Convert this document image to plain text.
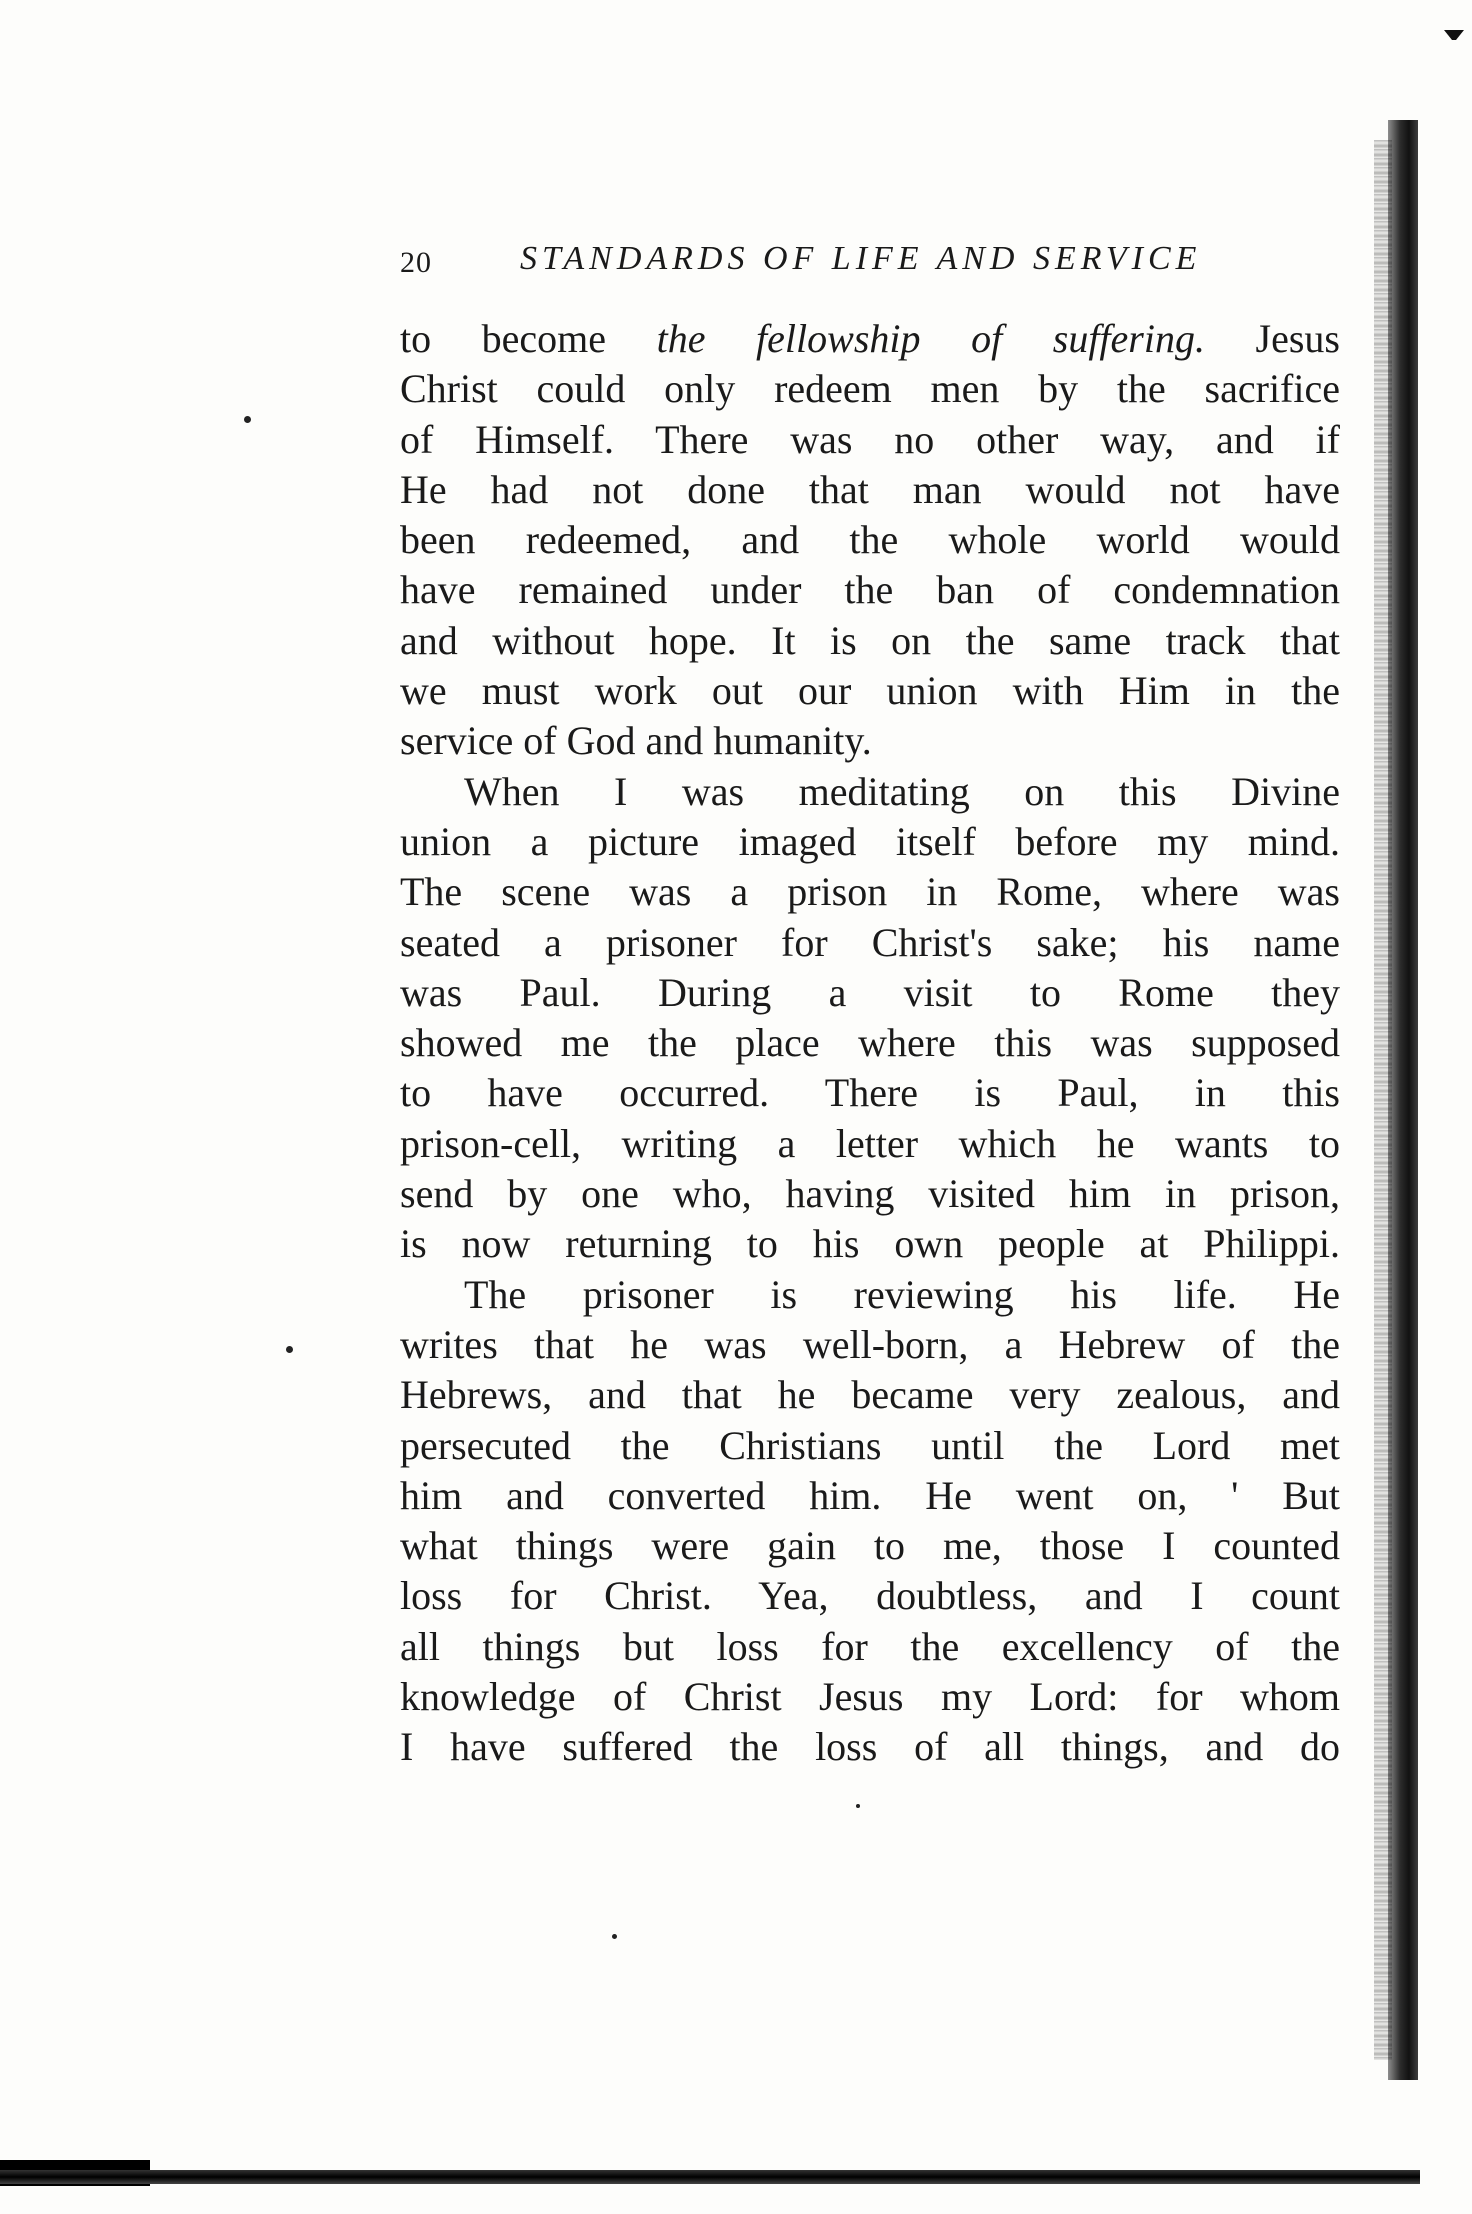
20	STANDARDS OF LIFE AND SERVICE
to become the fellowship of suffering. Jesus
Christ could only redeem men by the sacrifice
of Himself. There was no other way, and if
He had not done that man would not have
been redeemed, and the whole world would
have remained under the ban of condemnation
and without hope. It is on the same track that
we must work out our union with Him in the
service of God and humanity.
When I was meditating on this Divine
union a picture imaged itself before my mind.
The scene was a prison in Rome, where was
seated a prisoner for Christ's sake; his name
was Paul. During a visit to Rome they
showed me the place where this was supposed
to have occurred. There is Paul, in this
prison-cell, writing a letter which he wants to
send by one who, having visited him in prison,
is now returning to his own people at Philippi.
The prisoner is reviewing his life. He
writes that he was well-born, a Hebrew of the
Hebrews, and that he became very zealous, and
persecuted the Christians until the Lord met
him and converted him. He went on, ' But
what things were gain to me, those I counted
loss for Christ. Yea, doubtless, and I count
all things but loss for the excellency of the
knowledge of Christ Jesus my Lord: for whom
I have suffered the loss of all things, and do
